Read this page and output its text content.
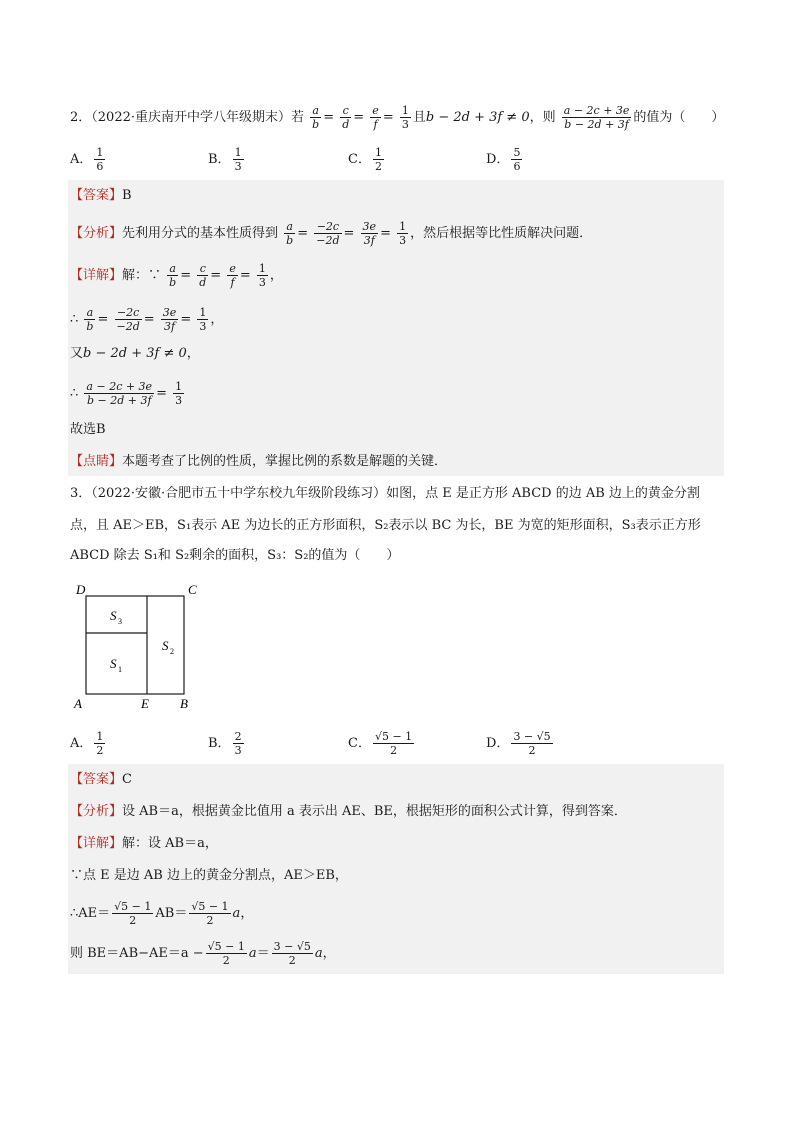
2．（2022·重庆南开中学八年级期末）若 $\frac{a}{b} = \frac{c}{d} = \frac{e}{f} = \frac{1}{3}$ 且b − 2d + 3f ≠ 0，则 $\frac{a - 2c + 3e}{b - 2d + 3f}$ 的值为（　　）
A． $\frac{1}{6}$	B． $\frac{1}{3}$	C． $\frac{1}{2}$	D． $\frac{5}{6}$
【答案】B
【分析】先利用分式的基本性质得到 $\frac{a}{b} = \frac{-2c}{-2d} = \frac{3e}{3f} = \frac{1}{3}$ ，然后根据等比性质解决问题．
【详解】解：∵ $\frac{a}{b} = \frac{c}{d} = \frac{e}{f} = \frac{1}{3}$ ，
∴ $\frac{a}{b} = \frac{-2c}{-2d} = \frac{3e}{3f} = \frac{1}{3}$ ，
又b − 2d + 3f ≠ 0，
∴ $\frac{a - 2c + 3e}{b - 2d + 3f} = \frac{1}{3}$
故选B
【点睛】本题考查了比例的性质，掌握比例的系数是解题的关键．
3．（2022·安徽·合肥市五十中学东校九年级阶段练习）如图，点 E 是正方形 ABCD 的边 AB 边上的黄金分割
点，且 AE＞EB，S₁表示 AE 为边长的正方形面积，S₂表示以 BC 为长，BE 为宽的矩形面积，S₃表示正方形
ABCD 除去 S₁和 S₂剩余的面积，S₃：S₂的值为（　　）
D	C
A	E B
S 3
S 1
S 2
A． $\frac{1}{2}$	B． $\frac{2}{3}$	C． $\frac{√5 - 1}{2}$	D． $\frac{3 - √5}{2}$
【答案】C
【分析】设 AB＝a，根据黄金比值用 a 表示出 AE、BE，根据矩形的面积公式计算，得到答案．
【详解】解：设 AB＝a，
∵点 E 是边 AB 边上的黄金分割点，AE＞EB，
∴AE＝ $\frac{√5 - 1}{2} AB= \frac{√5 - 1}{2}$ a，
则 $BE=AB-AE=a - \frac{√5 - 1}{2} a= \frac{3 - √5}{2}$ a，
